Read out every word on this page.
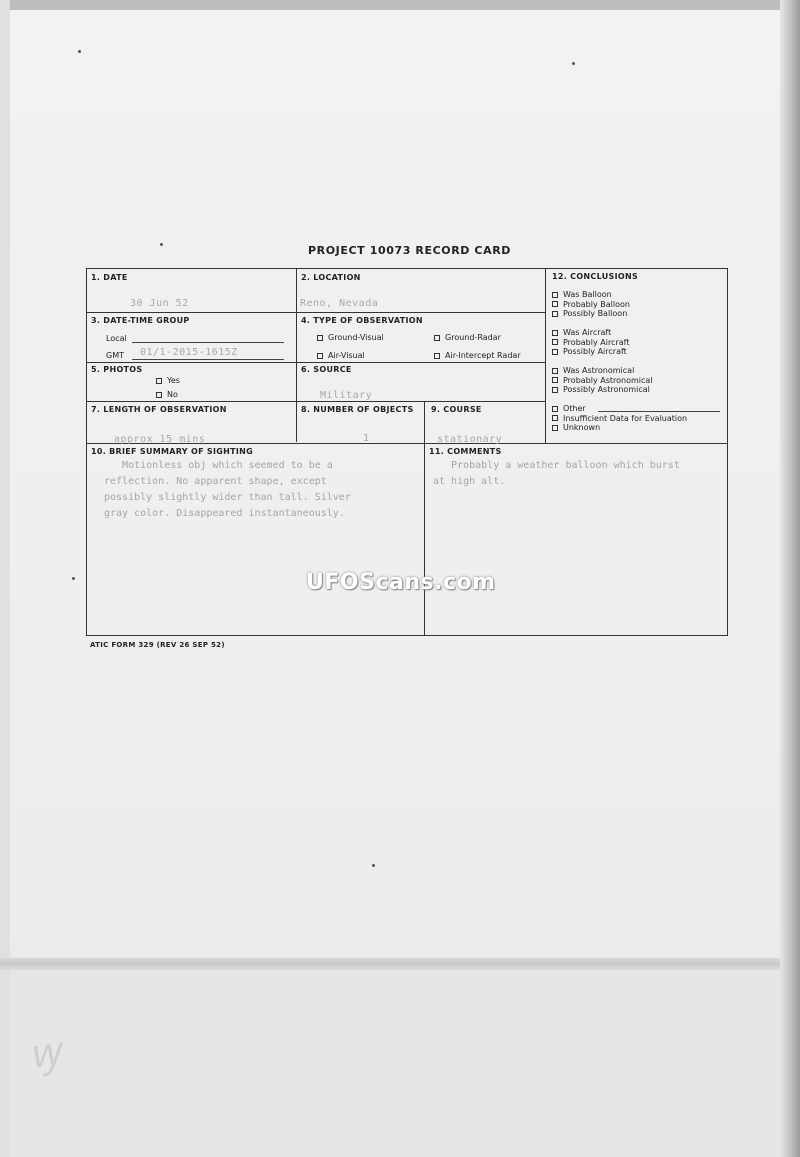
ꝡ
PROJECT 10073 RECORD CARD
1. DATE
30 Jun 52
2. LOCATION
Reno, Nevada
3. DATE-TIME GROUP
Local
GMT 01/1-2015-1615Z
4. TYPE OF OBSERVATION
Ground-Visual	Ground-Radar
Air-Visual	Air-Intercept Radar
5. PHOTOS
Yes
No
6. SOURCE
Military
7. LENGTH OF OBSERVATION
approx 15 mins
8. NUMBER OF OBJECTS
1
9. COURSE
stationary
10. BRIEF SUMMARY OF SIGHTING
Motionless obj which seemed to be a
reflection. No apparent shape, except
possibly slightly wider than tall. Silver
gray color. Disappeared instantaneously.
11. COMMENTS
Probably a weather balloon which burst
at high alt.
12. CONCLUSIONS
Was Balloon
Probably Balloon
Possibly Balloon
Was Aircraft
Probably Aircraft
Possibly Aircraft
Was Astronomical
Probably Astronomical
Possibly Astronomical
Other
Insufficient Data for Evaluation
Unknown
UFOScans.com
ATIC FORM 329 (REV 26 SEP 52)
